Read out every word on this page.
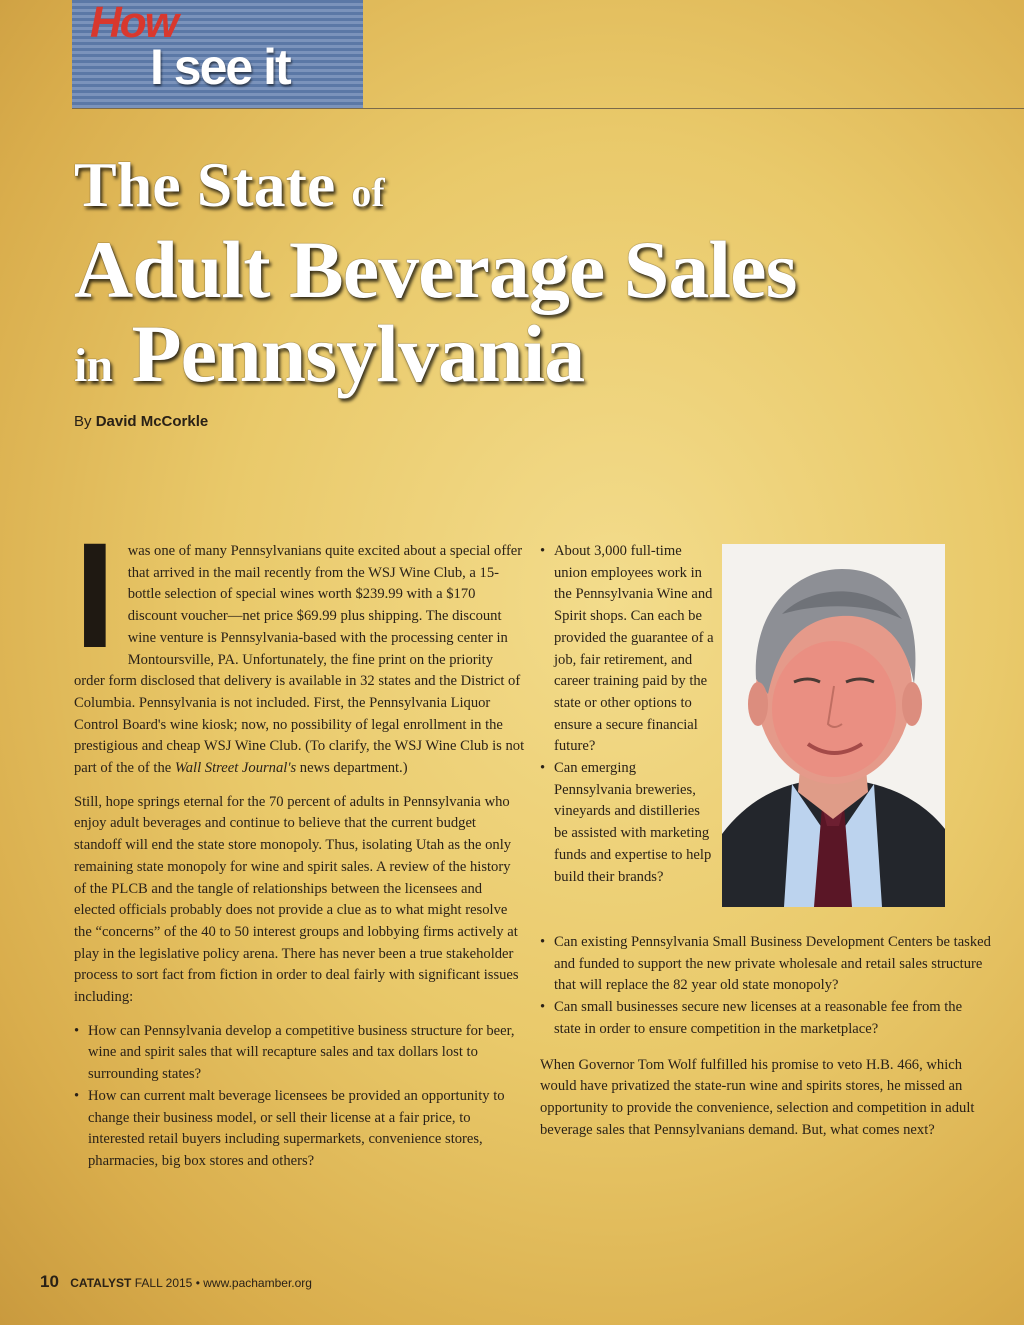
How
I see it
The State of
Adult Beverage Sales
in Pennsylvania
By David McCorkle

Iwas one of many Pennsylvanians quite excited about a special offer that arrived in the mail recently from the WSJ Wine Club, a 15-bottle selection of special wines worth $239.99 with a $170 discount voucher—net price $69.99 plus shipping. The discount wine venture is Pennsylvania-based with the processing center in Montoursville, PA. Unfortunately, the fine print on the priority order form disclosed that delivery is available in 32 states and the District of Columbia. Pennsylvania is not included. First, the Pennsylvania Liquor Control Board's wine kiosk; now, no possibility of legal enrollment in the prestigious and cheap WSJ Wine Club. (To clarify, the WSJ Wine Club is not part of the of the Wall Street Journal's news department.)

Still, hope springs eternal for the 70 percent of adults in Pennsylvania who enjoy adult beverages and continue to believe that the current budget standoff will end the state store monopoly. Thus, isolating Utah as the only remaining state monopoly for wine and spirit sales. A review of the history of the PLCB and the tangle of relationships between the licensees and elected officials probably does not provide a clue as to what might resolve the “concerns” of the 40 to 50 interest groups and lobbying firms actively at play in the legislative policy arena. There has never been a true stakeholder process to sort fact from fiction in order to deal fairly with significant issues including:

• How can Pennsylvania develop a competitive business structure for beer, wine and spirit sales that will recapture sales and tax dollars lost to surrounding states?
• How can current malt beverage licensees be provided an opportunity to change their business model, or sell their license at a fair price, to interested retail buyers including supermarkets, convenience stores, pharmacies, big box stores and others?
• About 3,000 full-time union employees work in the Pennsylvania Wine and Spirit shops. Can each be provided the guarantee of a job, fair retirement, and career training paid by the state or other options to ensure a secure financial future?
• Can emerging Pennsylvania breweries, vineyards and distilleries be assisted with marketing funds and expertise to help build their brands?
• Can existing Pennsylvania Small Business Development Centers be tasked and funded to support the new private wholesale and retail sales structure that will replace the 82 year old state monopoly?
• Can small businesses secure new licenses at a reasonable fee from the state in order to ensure competition in the marketplace?

When Governor Tom Wolf fulfilled his promise to veto H.B. 466, which would have privatized the state-run wine and spirits stores, he missed an opportunity to provide the convenience, selection and competition in adult beverage sales that Pennsylvanians demand. But, what comes next?

10 CATALYST FALL 2015 • www.pachamber.org
